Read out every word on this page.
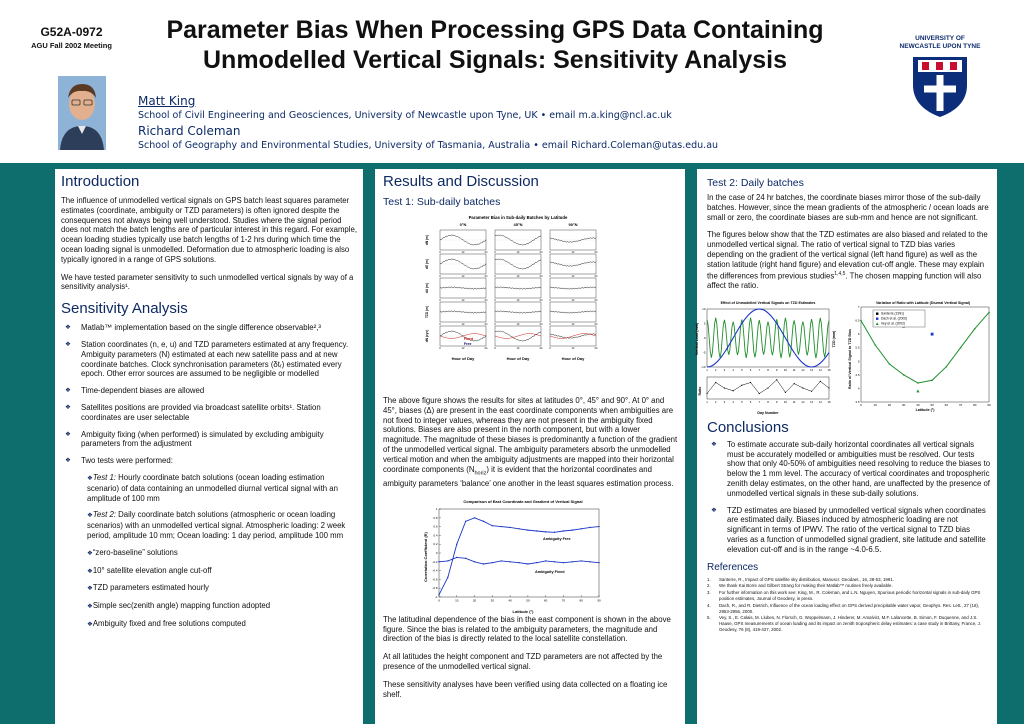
G52A-0972
AGU Fall 2002 Meeting
Parameter Bias When Processing GPS Data Containing
Unmodelled Vertical Signals: Sensitivity Analysis
Matt King
School of Civil Engineering and Geosciences, University of Newcastle upon Tyne, UK • email m.a.king@ncl.ac.uk
Richard Coleman
School of Geography and Environmental Studies, University of Tasmania, Australia • email Richard.Coleman@utas.edu.au
UNIVERSITY OF
NEWCASTLE UPON TYNE
Introduction

The influence of unmodelled vertical signals on GPS batch least squares parameter estimates (coordinate, ambiguity or TZD parameters) is often ignored despite the consequences not always being well understood. Studies where the signal period does not match the batch lengths are of particular interest in this regard. For example, ocean loading studies typically use batch lengths of 1-2 hrs during which time the ocean loading signal is unmodelled. Deformation due to atmospheric loading is also typically ignored in a range of GPS solutions.

We have tested parameter sensitivity to such unmodelled vertical signals by way of a sensitivity analysis¹.

Sensitivity Analysis
❖ Matlab™ implementation based on the single difference observable²,³
❖ Station coordinates (n, e, u) and TZD parameters estimated at any frequency. Ambiguity parameters (N) estimated at each new satellite pass and at new coordinate batches. Clock synchronisation parameters (δtᵣ) estimated every epoch. Other error sources are assumed to be negligible or modelled
❖ Time-dependent biases are allowed
❖ Satellites positions are provided via broadcast satellite orbits¹. Station coordinates are user selectable
❖ Ambiguity fixing (when performed) is simulated by excluding ambiguity parameters from the adjustment
❖ Two tests were performed:
❖ Test 1: Hourly coordinate batch solutions (ocean loading estimation scenario) of data containing an unmodelled diurnal vertical signal with an amplitude of 100 mm
❖ Test 2: Daily coordinate batch solutions (atmospheric or ocean loading scenarios) with an unmodelled vertical signal. Atmospheric loading: 2 week period, amplitude 10 mm; Ocean loading: 1 day period, amplitude 100 mm
❖ “zero-baseline” solutions
❖ 10° satellite elevation angle cut-off
❖ TZD parameters estimated hourly
❖ Simple sec(zenith angle) mapping function adopted
❖ Ambiguity fixed and free solutions computed
Results and Discussion
Test 1: Sub-daily batches
Parameter Bias in Sub-daily Batches by Latitude
0°N	45°N	90°N
dN (m)
0	12	24	0	12	24	0	12	24
dE (m)
0	12	24	0	12	24	0	12	24
dU (m)
0	12	24	0	12	24	0	12	24
TZD (m)
0	12	24	0	12	24	0	12	24
dN (cyc)
0	12	24	0	12	24	0	12	24
Hour of Day	Hour of Day	Hour of Day
Fixed
Free

The above figure shows the results for sites at latitudes 0°, 45° and 90°. At 0° and 45°, biases (Δ) are present in the east coordinate components when ambiguities are not fixed to integer values, whereas they are not present in the ambiguity fixed solutions. Biases are also present in the north component, but with a lower magnitude. The magnitude of these biases is predominantly a function of the gradient of the unmodelled vertical signal. The ambiguity parameters absorb the unmodelled vertical motion and when the ambiguity adjustments are mapped into their horizontal coordinate components $(N_{horiz})$ it is evident that the horizontal coordinates and ambiguity parameters ‘balance’ one another in the least squares estimation process.

Comparison of East Coordinate and Gradient of Vertical Signal
Correlation Coefficient (R)
Latitude (°)
-1
-0.8
-0.6
-0.4
-0.2
0
0.2
0.4
0.6
0.8
1
0	10	20	30	40	50	60	70	80	90
Ambiguity Free
Ambiguity Fixed

The latitudinal dependence of the bias in the east component is shown in the above figure. Since the bias is related to the ambiguity parameters, the magnitude and direction of the bias is directly related to the local satellite constellation.

At all latitudes the height component and TZD parameters are not affected by the presence of the unmodelled vertical signal.

These sensitivity analyses have been verified using data collected on a floating ice shelf.

Test 2: Daily batches

In the case of 24 hr batches, the coordinate biases mirror those of the sub-daily batches. However, since the mean gradients of the atmospheric / ocean loads are small or zero, the coordinate biases are sub-mm and hence are not significant.

The figures below show that the TZD estimates are also biased and related to the unmodelled vertical signal. The ratio of vertical signal to TZD bias varies depending on the gradient of the vertical signal (left hand figure) as well as the station latitude (right hand figure) and elevation cut-off angle. These may explain the differences from previous studies$^{1,4,5}$. The chosen mapping function will also affect the ratio.

Effect of Unmodelled Vertical Signals on TZD Estimates	Variation of Ratio with Latitude (Diurnal Vertical Signal)
Vertical Load (mm)	TZD (mm)
Ratio
Day Number
Ratio of Vertical Signal to TZD Bias
Latitude (°)
-10
-5
0
5
10
1
1
2
2
3
3
4
4
5
5
6
6
7
7
8
8
9
9
10
10
11
11
12
12
13
13
14
14
15
15	3.5
4
4.5
5
5.5
6
6.5
7
0	10	20	30	40	50	60	70	80	90
Santerre (1991)
Dach et al. (2002)
Vey et al. (2002)
Conclusions
❖ To estimate accurate sub-daily horizontal coordinates all vertical signals must be accurately modelled or ambiguities must be resolved. Our tests show that only 40-50% of ambiguities need resolving to reduce the biases to below the 1 mm level. The accuracy of vertical coordinates and tropospheric zenith delay estimates, on the other hand, are unaffected by the presence of unmodelled vertical signals in these sub-daily solutions.
❖ TZD estimates are biased by unmodelled vertical signals when coordinates are estimated daily. Biases induced by atmospheric loading are not significant in terms of IPWV. The ratio of the vertical signal to TZD bias varies as a function of unmodelled signal gradient, site latitude and satellite elevation cut-off and is in the range ~4.0-6.5.
References
1. Santerre, R., Impact of GPS satellite sky distribution, Manuscr. Geodaet., 16, 28-53, 1991.
2. We thank Kai Borre and Gilbert Strang for making their Matlab™ routines freely available.
3. For further information on this work see: King, M., R. Coleman, and L.N. Nguyen, Spurious periodic horizontal signals in sub-daily GPS position estimates, Journal of Geodesy, in press.
4. Dach, R., and R. Dietrich, Influence of the ocean loading effect on GPS derived precipitable water vapor, Geophys. Res. Lett., 27 (18), 2953-2956, 2000.
5. Vey, S., E. Calais, M. Llubes, N. Florsch, G. Woppelmann, J. Hinderer, M. Amalvict, M.F. Lalancette, B. Simon, F. Duquenne, and J.S. Haase, GPS measurements of ocean loading and its impact on zenith tropospheric delay estimates: a case study in Brittany, France, J. Geodesy, 76 (8), 419-427, 2002.
